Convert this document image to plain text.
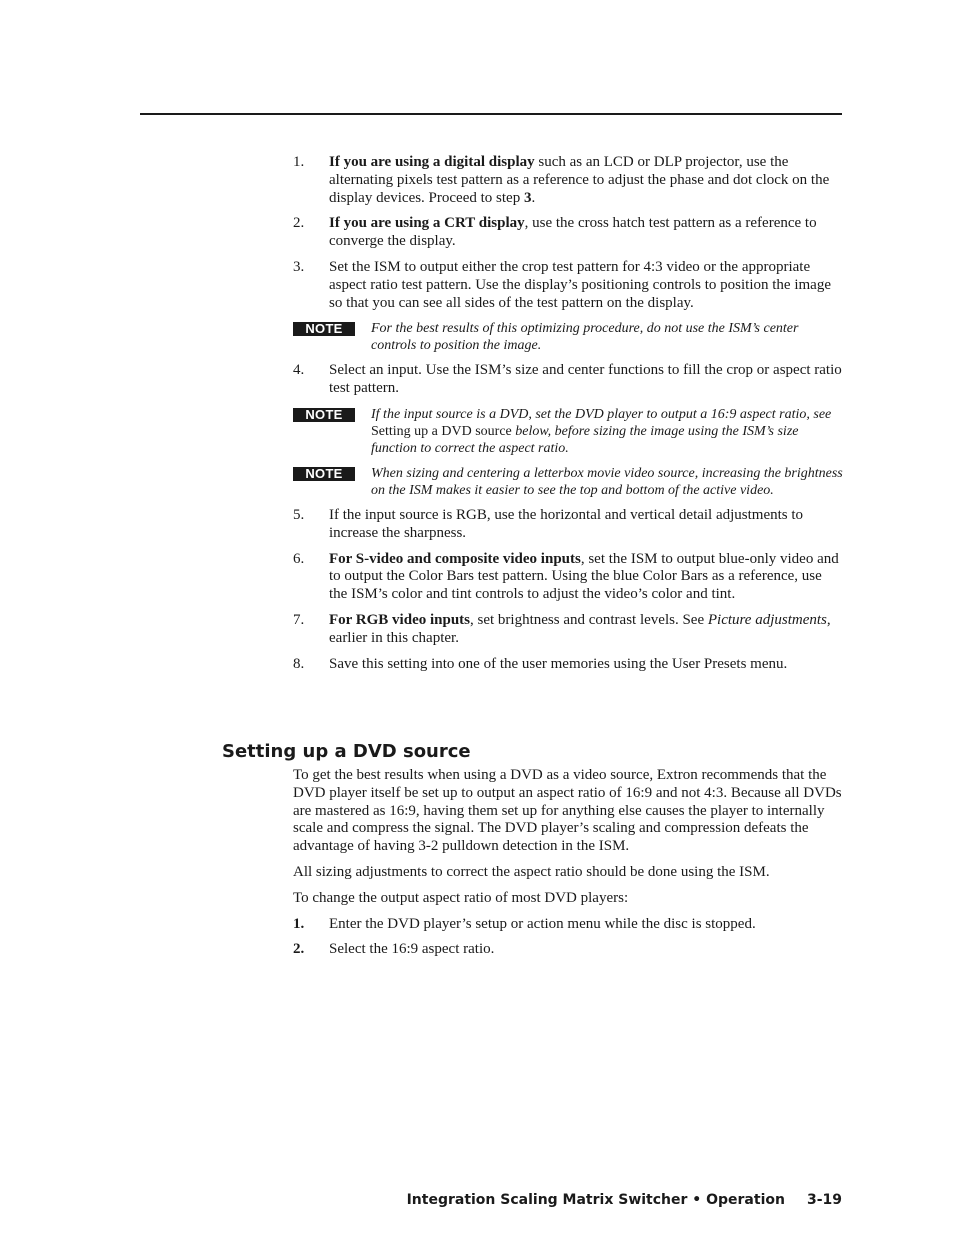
1.	If you are using a digital display such as an LCD or DLP projector, use the alternating pixels test pattern as a reference to adjust the phase and dot clock on the display devices. Proceed to step 3.
2.	If you are using a CRT display, use the cross hatch test pattern as a reference to converge the display.
3.	Set the ISM to output either the crop test pattern for 4:3 video or the appropriate aspect ratio test pattern. Use the display’s positioning controls to position the image so that you can see all sides of the test pattern on the display.
NOTE	For the best results of this optimizing procedure, do not use the ISM’s center controls to position the image.
4.	Select an input. Use the ISM’s size and center functions to fill the crop or aspect ratio test pattern.
NOTE	If the input source is a DVD, set the DVD player to output a 16:9 aspect ratio, see Setting up a DVD source below, before sizing the image using the ISM’s size function to correct the aspect ratio.
NOTE	When sizing and centering a letterbox movie video source, increasing the brightness on the ISM makes it easier to see the top and bottom of the active video.
5.	If the input source is RGB, use the horizontal and vertical detail adjustments to increase the sharpness.
6.	For S-video and composite video inputs, set the ISM to output blue-only video and to output the Color Bars test pattern. Using the blue Color Bars as a reference, use the ISM’s color and tint controls to adjust the video’s color and tint.
7.	For RGB video inputs, set brightness and contrast levels. See Picture adjustments, earlier in this chapter.
8.	Save this setting into one of the user memories using the User Presets menu.
Setting up a DVD source

To get the best results when using a DVD as a video source, Extron recommends that the DVD player itself be set up to output an aspect ratio of 16:9 and not 4:3. Because all DVDs are mastered as 16:9, having them set up for anything else causes the player to internally scale and compress the signal. The DVD player’s scaling and compression defeats the advantage of having 3-2 pulldown detection in the ISM.

All sizing adjustments to correct the aspect ratio should be done using the ISM.

To change the output aspect ratio of most DVD players:

1.	Enter the DVD player’s setup or action menu while the disc is stopped.
2.	Select the 16:9 aspect ratio.
Integration Scaling Matrix Switcher • Operation 3-19
